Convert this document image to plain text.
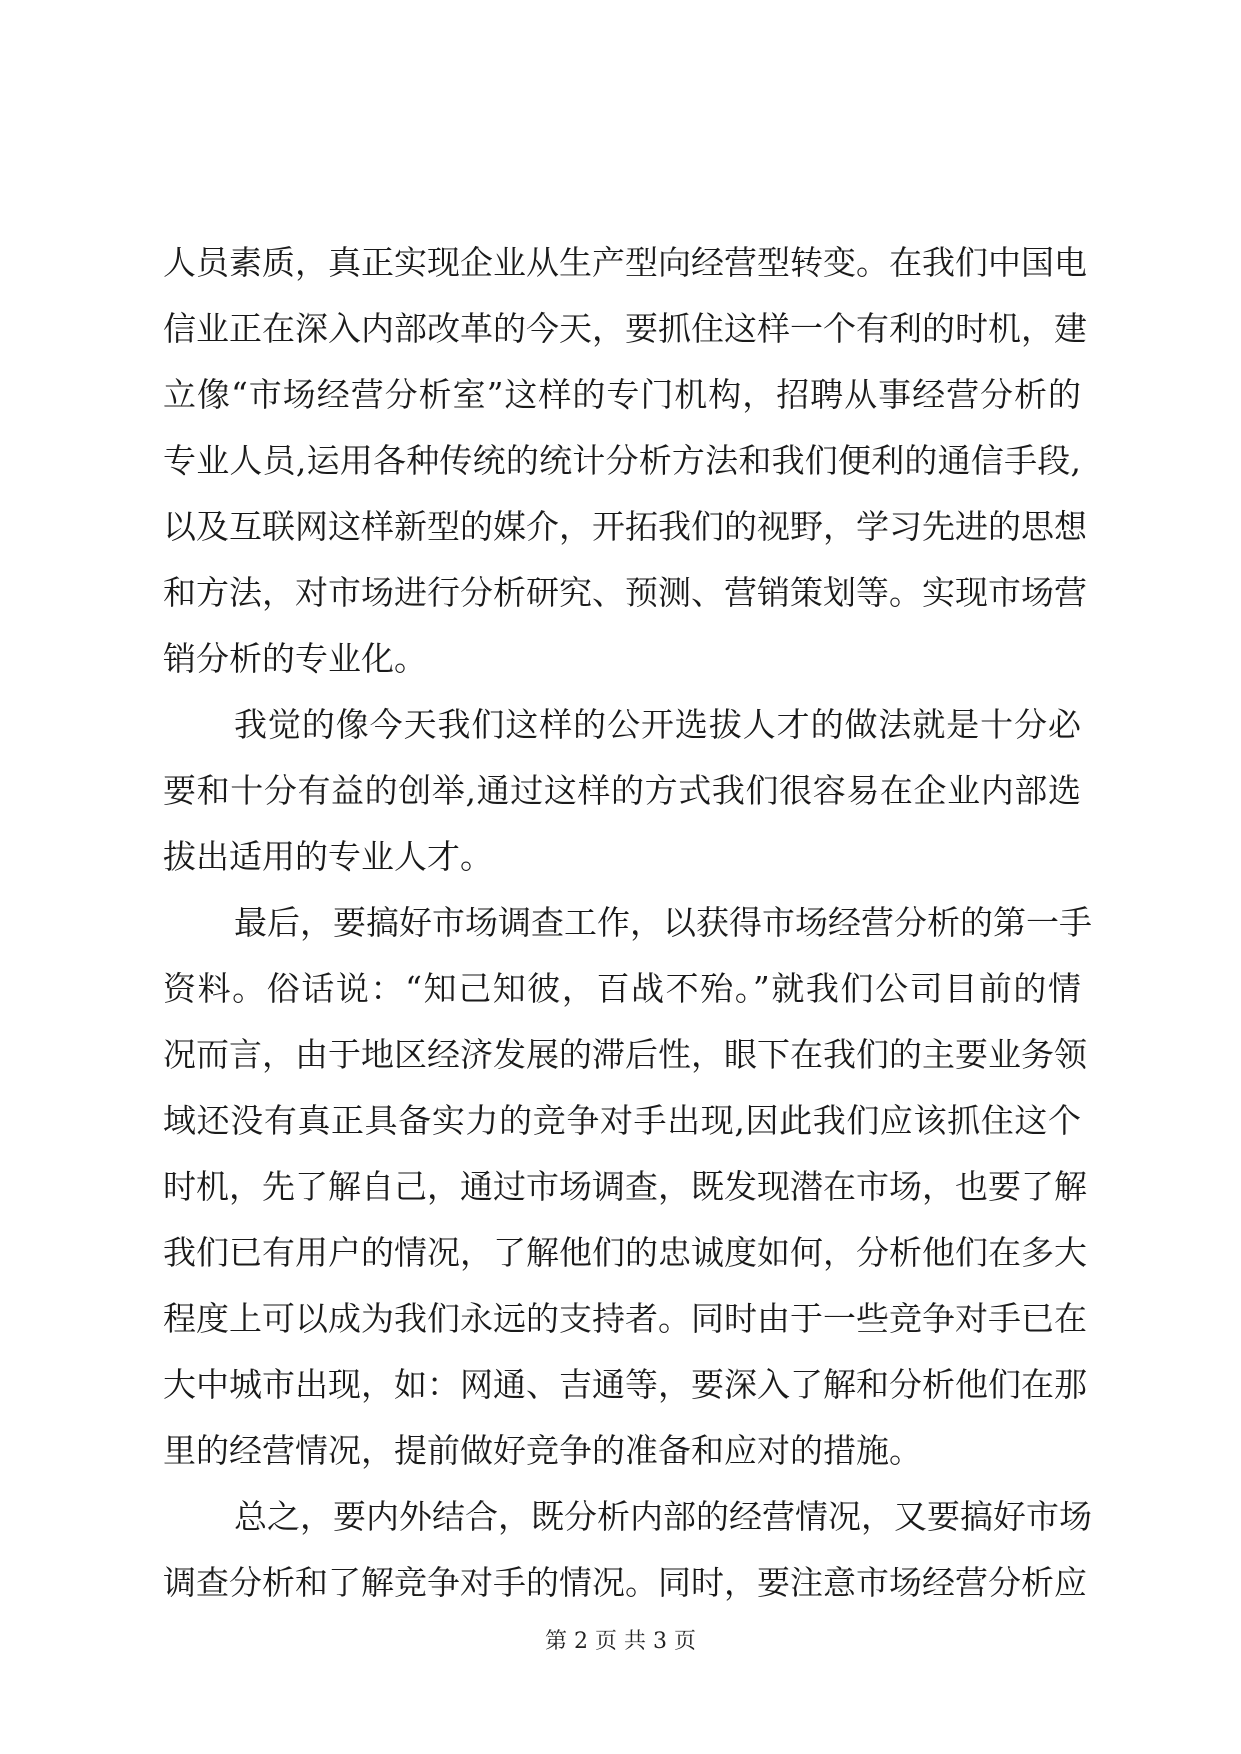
人员素质，真正实现企业从生产型向经营型转变。在我们中国电
信业正在深入内部改革的今天，要抓住这样一个有利的时机，建
立像“市场经营分析室”这样的专门机构，招聘从事经营分析的
专业人员,运用各种传统的统计分析方法和我们便利的通信手段,
以及互联网这样新型的媒介，开拓我们的视野，学习先进的思想
和方法，对市场进行分析研究、预测、营销策划等。实现市场营
销分析的专业化。
我觉的像今天我们这样的公开选拔人才的做法就是十分必
要和十分有益的创举,通过这样的方式我们很容易在企业内部选
拔出适用的专业人才。
最后，要搞好市场调查工作，以获得市场经营分析的第一手
资料。俗话说：“知己知彼，百战不殆。”就我们公司目前的情
况而言，由于地区经济发展的滞后性，眼下在我们的主要业务领
域还没有真正具备实力的竞争对手出现,因此我们应该抓住这个
时机，先了解自己，通过市场调查，既发现潜在市场，也要了解
我们已有用户的情况，了解他们的忠诚度如何，分析他们在多大
程度上可以成为我们永远的支持者。同时由于一些竞争对手已在
大中城市出现，如：网通、吉通等，要深入了解和分析他们在那
里的经营情况，提前做好竞争的准备和应对的措施。
总之，要内外结合，既分析内部的经营情况，又要搞好市场
调查分析和了解竞争对手的情况。同时，要注意市场经营分析应
第 2 页 共 3 页
